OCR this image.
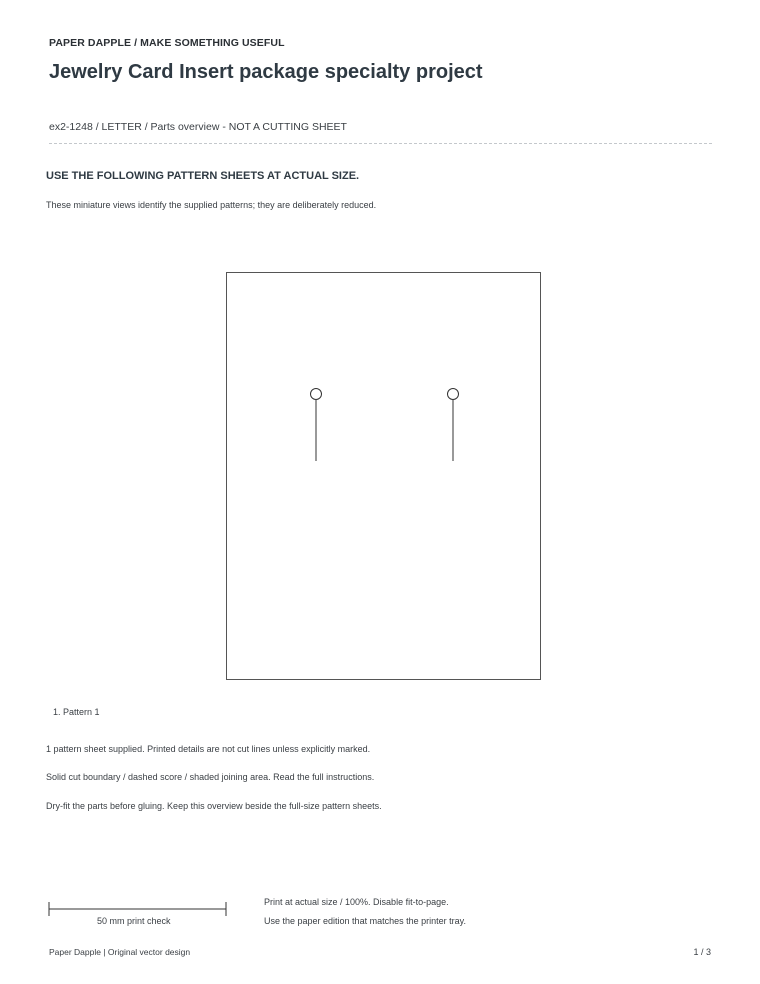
PAPER DAPPLE / MAKE SOMETHING USEFUL
Jewelry Card Insert package specialty project
ex2-1248 / LETTER / Parts overview - NOT A CUTTING SHEET
USE THE FOLLOWING PATTERN SHEETS AT ACTUAL SIZE.
These miniature views identify the supplied patterns; they are deliberately reduced.
1. Pattern 1
1 pattern sheet supplied. Printed details are not cut lines unless explicitly marked.
Solid cut boundary / dashed score / shaded joining area. Read the full instructions.
Dry-fit the parts before gluing. Keep this overview beside the full-size pattern sheets.
50 mm print check
Print at actual size / 100%. Disable fit-to-page.
Use the paper edition that matches the printer tray.
Paper Dapple | Original vector design	1 / 3
